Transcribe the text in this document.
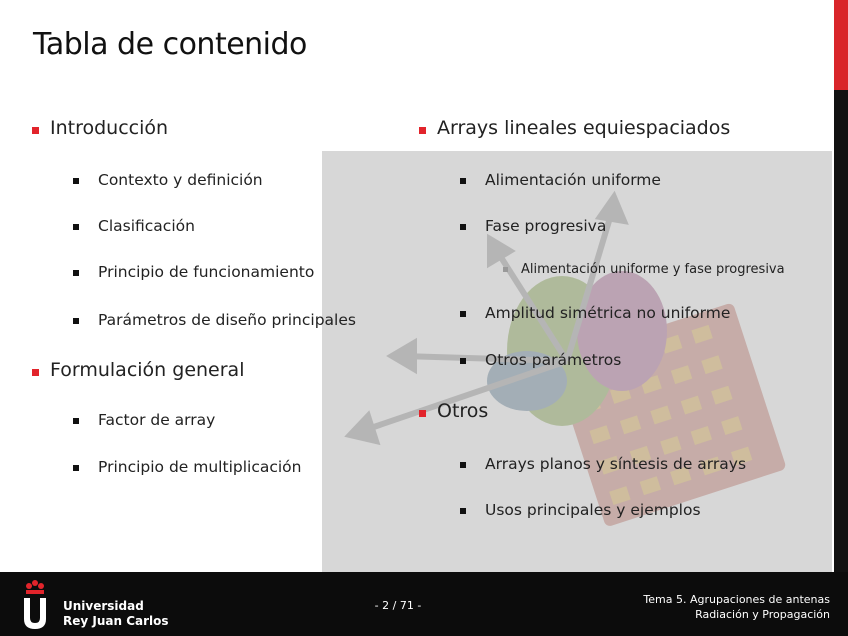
Tabla de contenido
Introducción
Contexto y definición
Clasificación
Principio de funcionamiento
Parámetros de diseño principales
Formulación general
Factor de array
Principio de multiplicación
Arrays lineales equiespaciados
Alimentación uniforme
Fase progresiva
Alimentación uniforme y fase progresiva
Amplitud simétrica no uniforme
Otros parámetros
Otros
Arrays planos y síntesis de arrays
Usos principales y ejemplos
Universidad
Rey Juan Carlos
- 2 / 71 -	Tema 5. Agrupaciones de antenas
Radiación y Propagación
